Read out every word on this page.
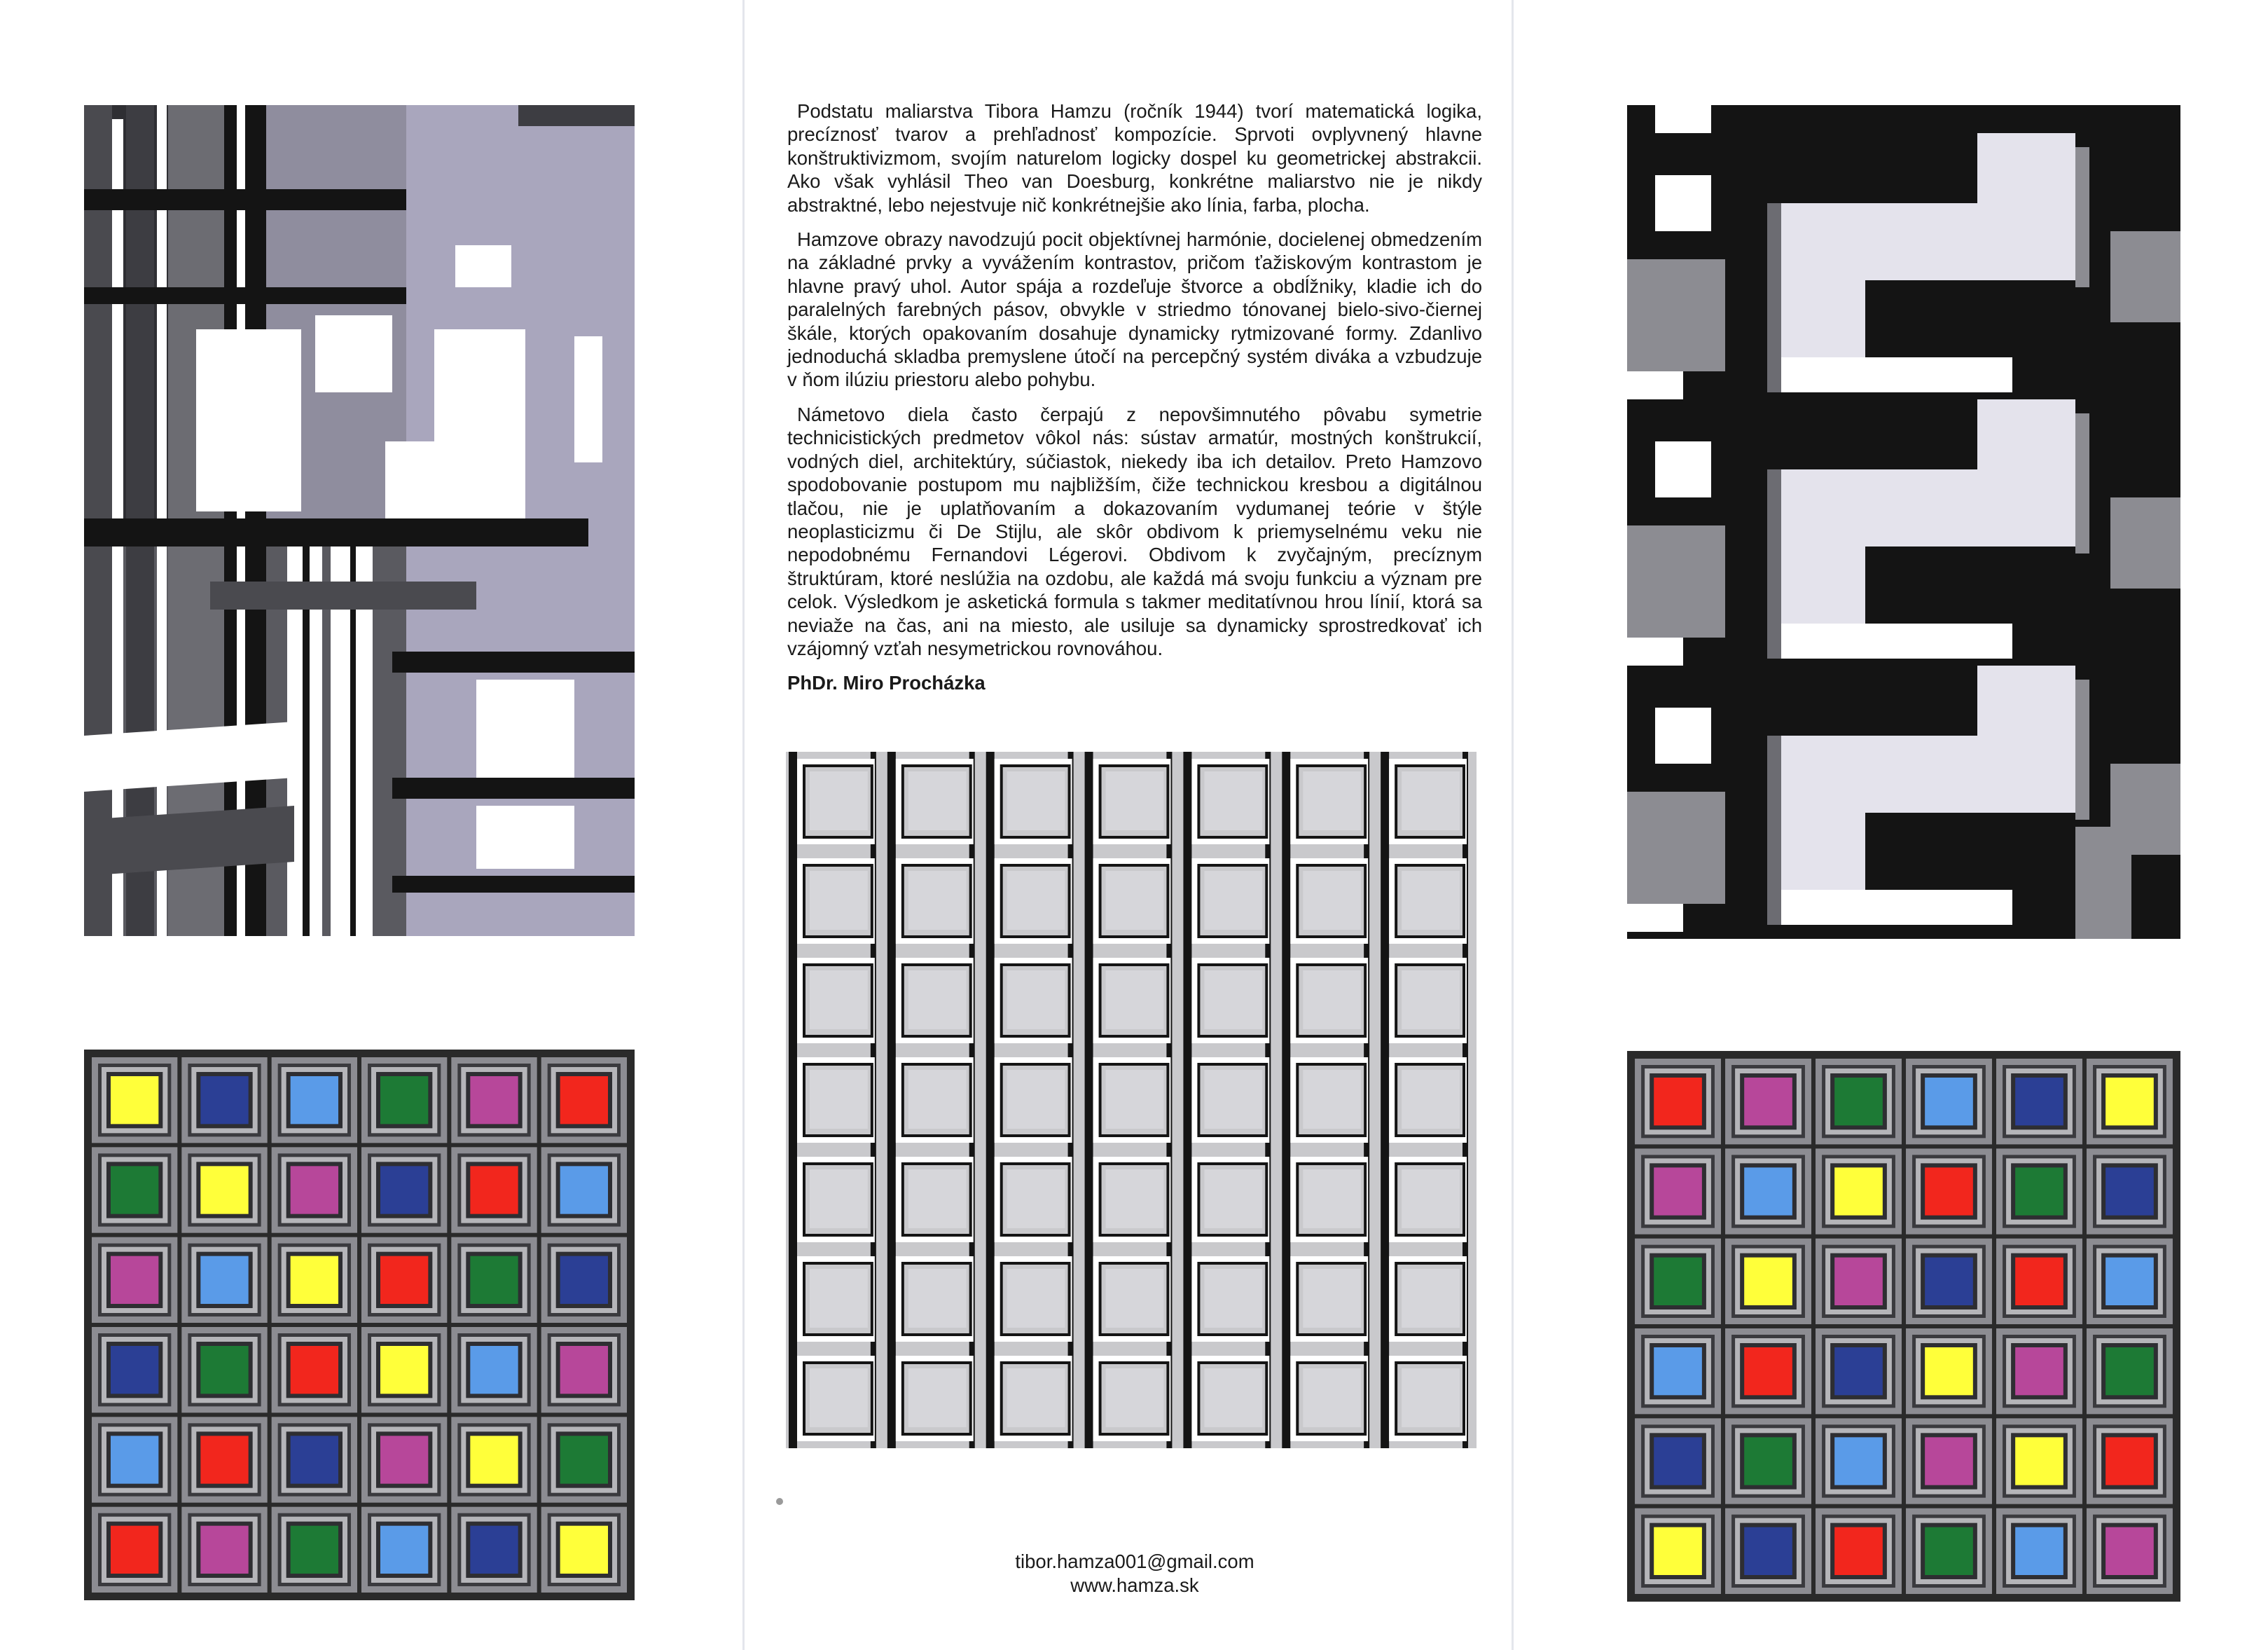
Podstatu maliarstva Tibora Hamzu (ročník 1944) tvorí matematická logika, precíznosť tvarov a prehľadnosť kompozície. Sprvoti ovplyvnený hlavne konštruktivizmom, svojím naturelom logicky dospel ku geometrickej abstrakcii. Ako však vyhlásil Theo van Doesburg, konkrétne maliarstvo nie je nikdy abstraktné, lebo nejestvuje nič konkrétnejšie ako línia, farba, plocha.

Hamzove obrazy navodzujú pocit objektívnej harmónie, docielenej obmedzením na základné prvky a vyvážením kontrastov, pričom ťažiskovým kontrastom je hlavne pravý uhol. Autor spája a rozdeľuje štvorce a obdĺžniky, kladie ich do paralelných farebných pásov, obvykle v striedmo tónovanej bielo-sivo-čiernej škále, ktorých opakovaním dosahuje dynamicky rytmizované formy. Zdanlivo jednoduchá skladba premyslene útočí na percepčný systém diváka a vzbudzuje v ňom ilúziu priestoru alebo pohybu.

Námetovo diela často čerpajú z nepovšimnutého pôvabu symetrie technicistických predmetov vôkol nás: sústav armatúr, mostných konštrukcií, vodných diel, architektúry, súčiastok, niekedy iba ich detailov. Preto Hamzovo spodobovanie postupom mu najbližším, čiže technickou kresbou a digitálnou tlačou, nie je uplatňovaním a dokazovaním vydumanej teórie v štýle neoplasticizmu či De Stijlu, ale skôr obdivom k priemyselnému veku nie nepodobnému Fernandovi Légerovi. Obdivom k zvyčajným, precíznym štruktúram, ktoré neslúžia na ozdobu, ale každá má svoju funkciu a význam pre celok. Výsledkom je asketická formula s takmer meditatívnou hrou línií, ktorá sa neviaže na čas, ani na miesto, ale usiluje sa dynamicky sprostredkovať ich vzájomný vzťah nesymetrickou rovnováhou.

PhDr. Miro Procházka
tibor.hamza001@gmail.com
www.hamza.sk
